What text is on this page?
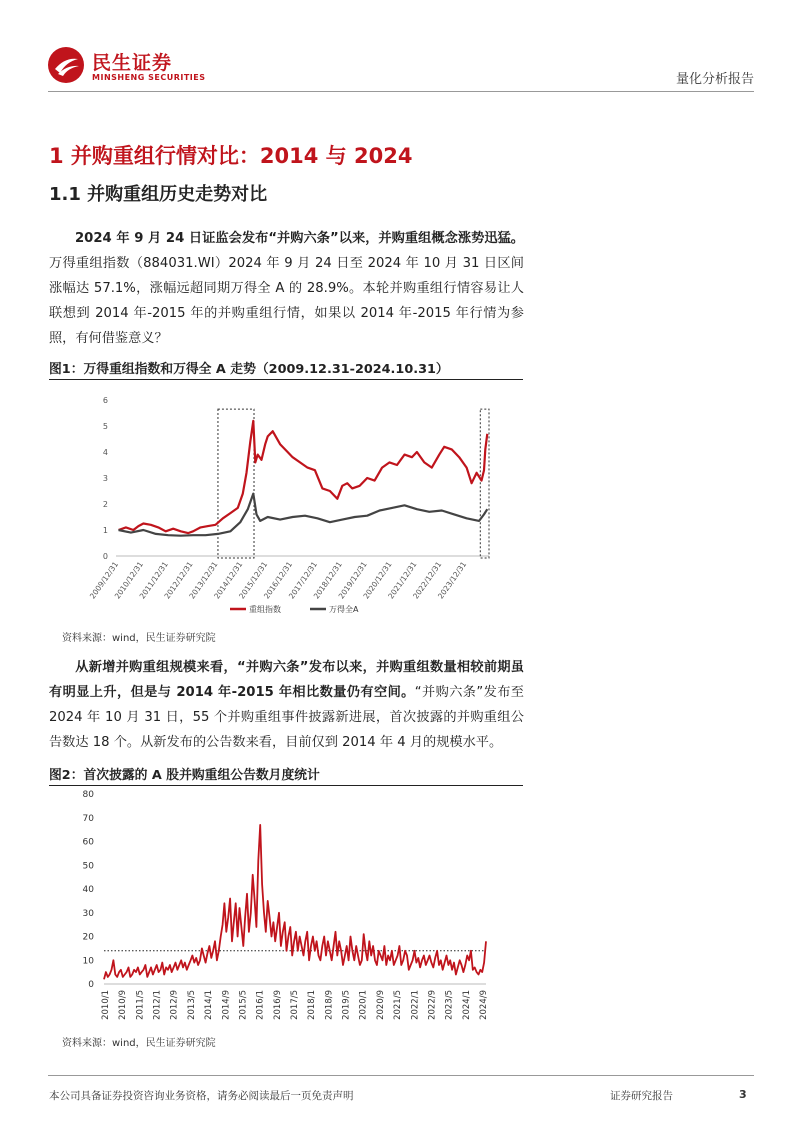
民生证券
MINSHENG SECURITIES	量化分析报告
1 并购重组行情对比：2014 与 2024
1.1 并购重组历史走势对比
2024 年 9 月 24 日证监会发布“并购六条”以来，并购重组概念涨势迅猛。万得重组指数（884031.WI）2024 年 9 月 24 日至 2024 年 10 月 31 日区间涨幅达 57.1%，涨幅远超同期万得全 A 的 28.9%。本轮并购重组行情容易让人联想到 2014 年-2015 年的并购重组行情，如果以 2014 年-2015 年行情为参照，有何借鉴意义？
图1：万得重组指数和万得全 A 走势（2009.12.31-2024.10.31）
0
1
2
3
4
5
6
2009/12/31
2010/12/31
2011/12/31
2012/12/31
2013/12/31
2014/12/31
2015/12/31
2016/12/31
2017/12/31
2018/12/31
2019/12/31
2020/12/31
2021/12/31
2022/12/31
2023/12/31
重组指数	万得全A
资料来源：wind，民生证券研究院
从新增并购重组规模来看，“并购六条”发布以来，并购重组数量相较前期虽有明显上升，但是与 2014 年-2015 年相比数量仍有空间。“并购六条”发布至 2024 年 10 月 31 日，55 个并购重组事件披露新进展，首次披露的并购重组公告数达 18 个。从新发布的公告数来看，目前仅到 2014 年 4 月的规模水平。
图2：首次披露的 A 股并购重组公告数月度统计
0
10
20
30
40
50
60
70
80
2010/1 2010/9 2011/5 2012/1 2012/9 2013/5 2014/1 2014/9 2015/5 2016/1 2016/9 2017/5 2018/1 2018/9 2019/5 2020/1 2020/9 2021/5 2022/1 2022/9 2023/5 2024/1 2024/9
资料来源：wind，民生证券研究院
本公司具备证券投资咨询业务资格，请务必阅读最后一页免责声明	证券研究报告	3
